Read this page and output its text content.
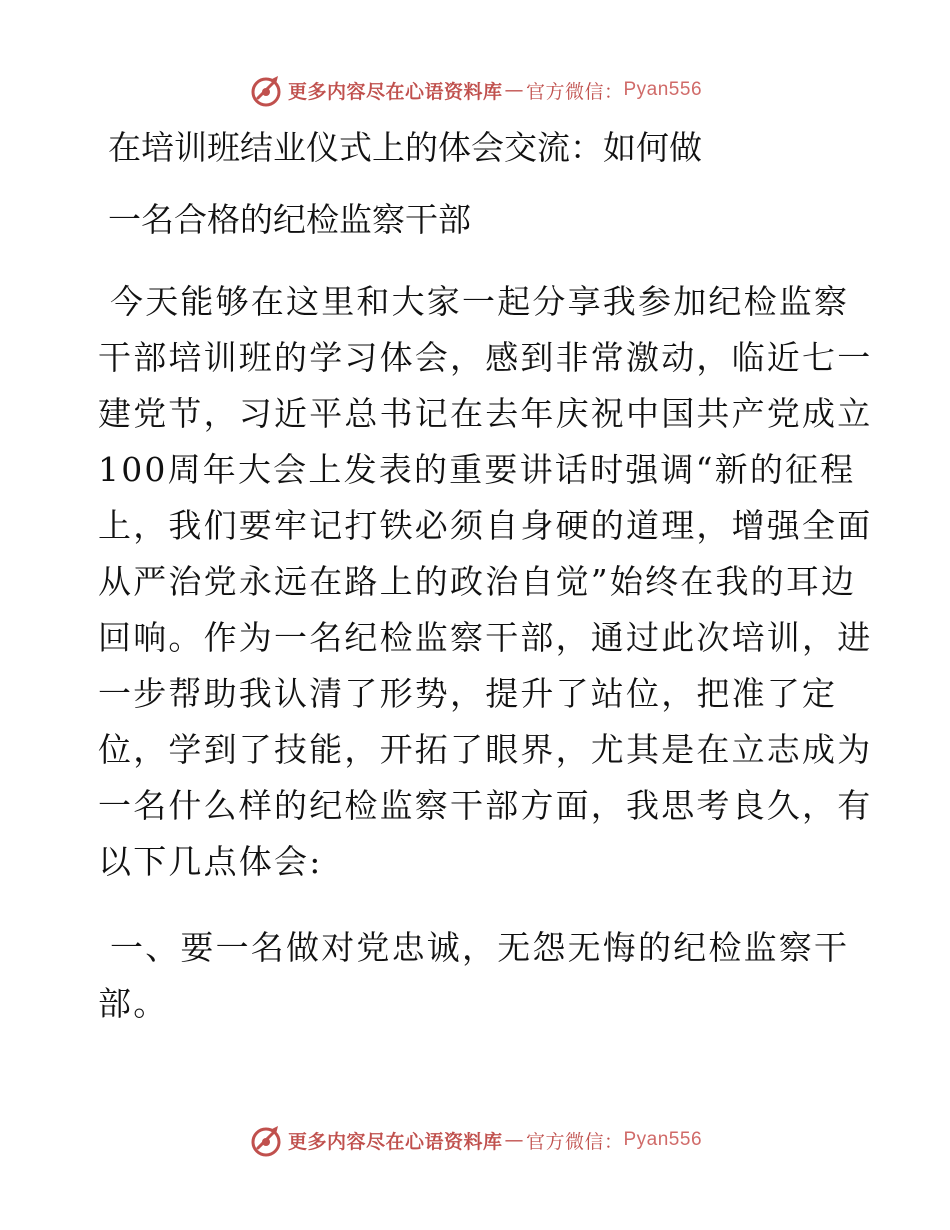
更多内容尽在心语资料库 — 官方微信： Pyan556
在培训班结业仪式上的体会交流：如何做
一名合格的纪检监察干部
今天能够在这里和大家一起分享我参加纪检监察
干部培训班的学习体会，感到非常激动，临近七一
建党节，习近平总书记在去年庆祝中国共产党成立
100周年大会上发表的重要讲话时强调“新的征程
上，我们要牢记打铁必须自身硬的道理，增强全面
从严治党永远在路上的政治自觉”始终在我的耳边
回响。作为一名纪检监察干部，通过此次培训，进
一步帮助我认清了形势，提升了站位，把准了定
位，学到了技能，开拓了眼界，尤其是在立志成为
一名什么样的纪检监察干部方面，我思考良久，有
以下几点体会:
一、要一名做对党忠诚，无怨无悔的纪检监察干
部。
更多内容尽在心语资料库 — 官方微信： Pyan556
